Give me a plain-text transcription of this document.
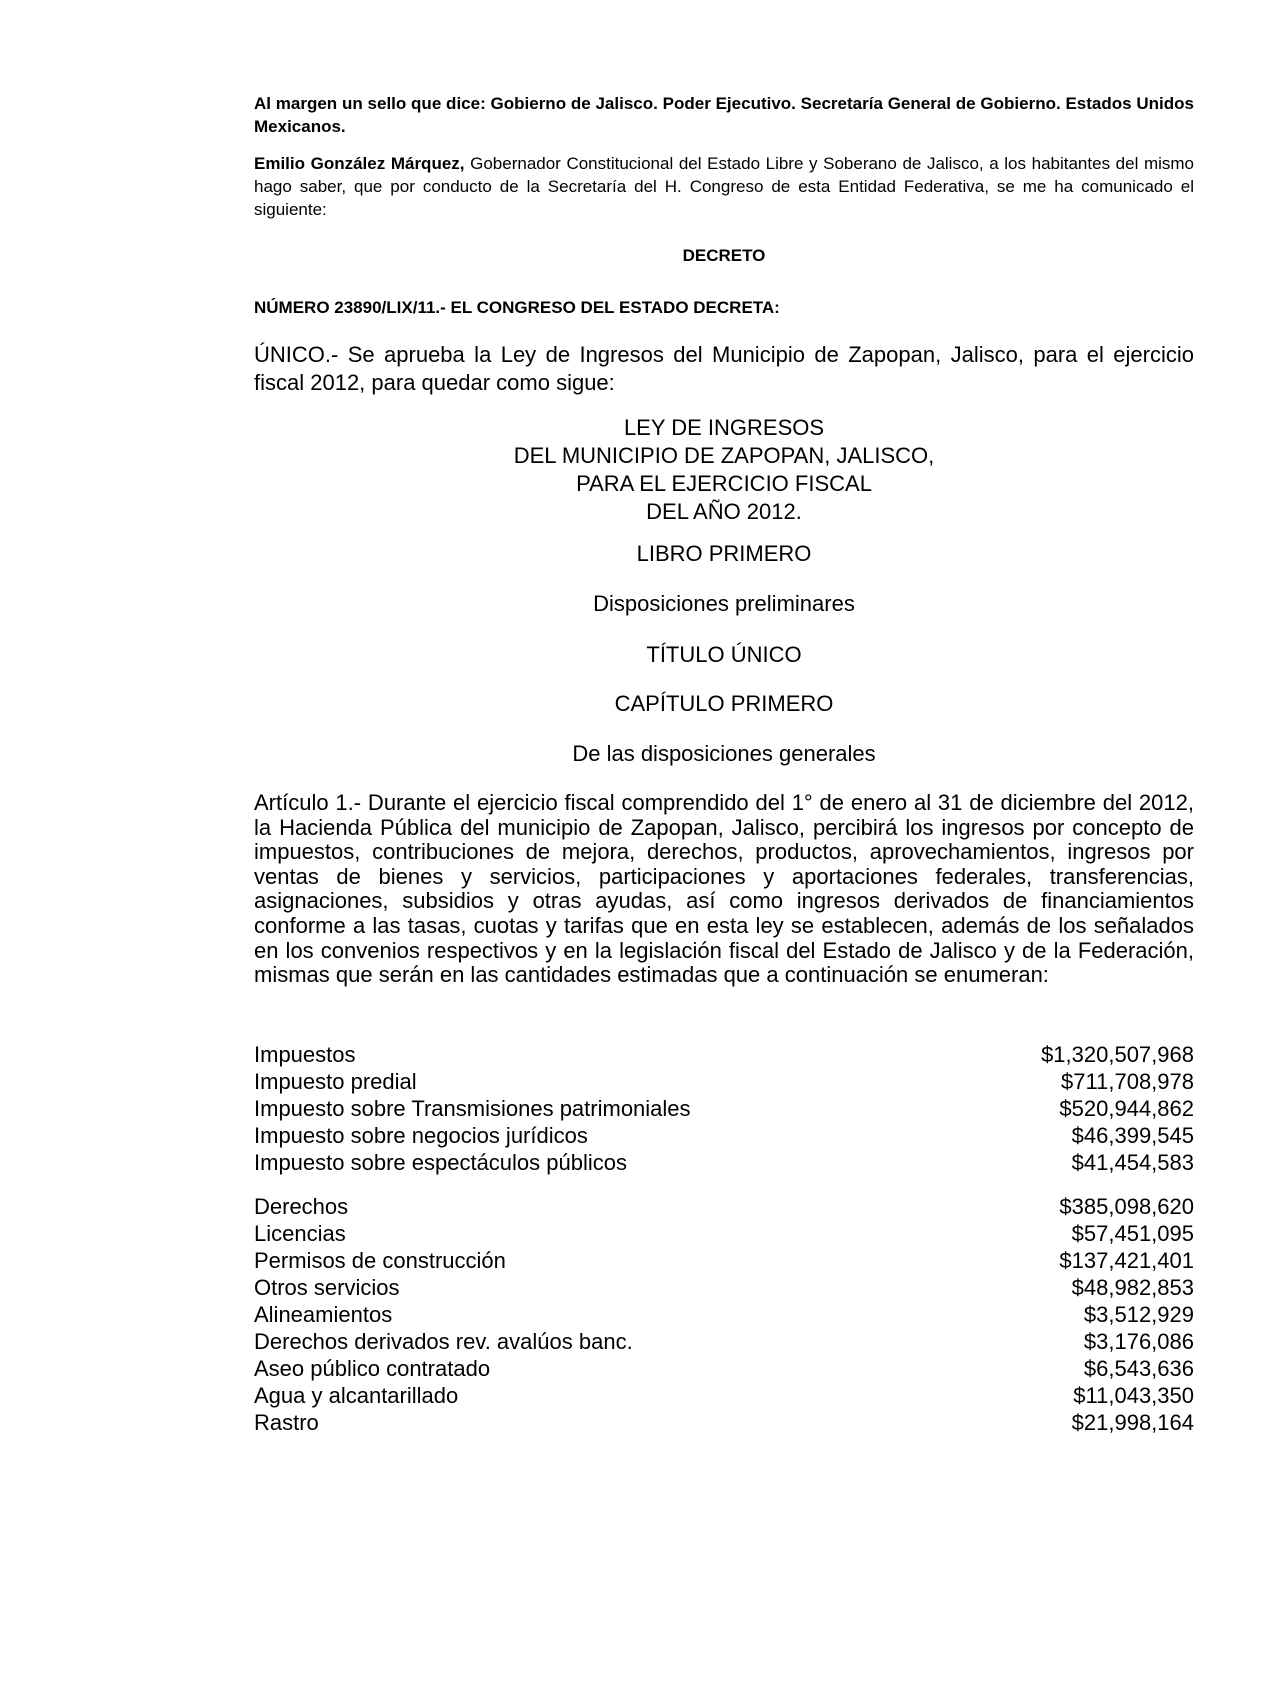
Al margen un sello que dice: Gobierno de Jalisco. Poder Ejecutivo. Secretaría General de Gobierno. Estados Unidos Mexicanos.

Emilio González Márquez, Gobernador Constitucional del Estado Libre y Soberano de Jalisco, a los habitantes del mismo hago saber, que por conducto de la Secretaría del H. Congreso de esta Entidad Federativa, se me ha comunicado el siguiente:

DECRETO

NÚMERO 23890/LIX/11.- EL CONGRESO DEL ESTADO DECRETA:

ÚNICO.- Se aprueba la Ley de Ingresos del Municipio de Zapopan, Jalisco, para el ejercicio fiscal 2012, para quedar como sigue:

LEY DE INGRESOS
DEL MUNICIPIO DE ZAPOPAN, JALISCO,
PARA EL EJERCICIO FISCAL
DEL AÑO 2012.

LIBRO PRIMERO

Disposiciones preliminares

TÍTULO ÚNICO

CAPÍTULO PRIMERO

De las disposiciones generales

Artículo 1.- Durante el ejercicio fiscal comprendido del 1° de enero al 31 de diciembre del 2012, la Hacienda Pública del municipio de Zapopan, Jalisco, percibirá los ingresos por concepto de impuestos, contribuciones de mejora, derechos, productos, aprovechamientos, ingresos por ventas de bienes y servicios, participaciones y aportaciones federales, transferencias, asignaciones, subsidios y otras ayudas, así como ingresos derivados de financiamientos conforme a las tasas, cuotas y tarifas que en esta ley se establecen, además de los señalados en los convenios respectivos y en la legislación fiscal del Estado de Jalisco y de la Federación, mismas que serán en las cantidades estimadas que a continuación se enumeran:

Impuestos	$1,320,507,968
Impuesto predial	$711,708,978
Impuesto sobre Transmisiones patrimoniales	$520,944,862
Impuesto sobre negocios jurídicos	$46,399,545
Impuesto sobre espectáculos públicos	$41,454,583
Derechos	$385,098,620
Licencias	$57,451,095
Permisos de construcción	$137,421,401
Otros servicios	$48,982,853
Alineamientos	$3,512,929
Derechos derivados rev. avalúos banc.	$3,176,086
Aseo público contratado	$6,543,636
Agua y alcantarillado	$11,043,350
Rastro	$21,998,164
